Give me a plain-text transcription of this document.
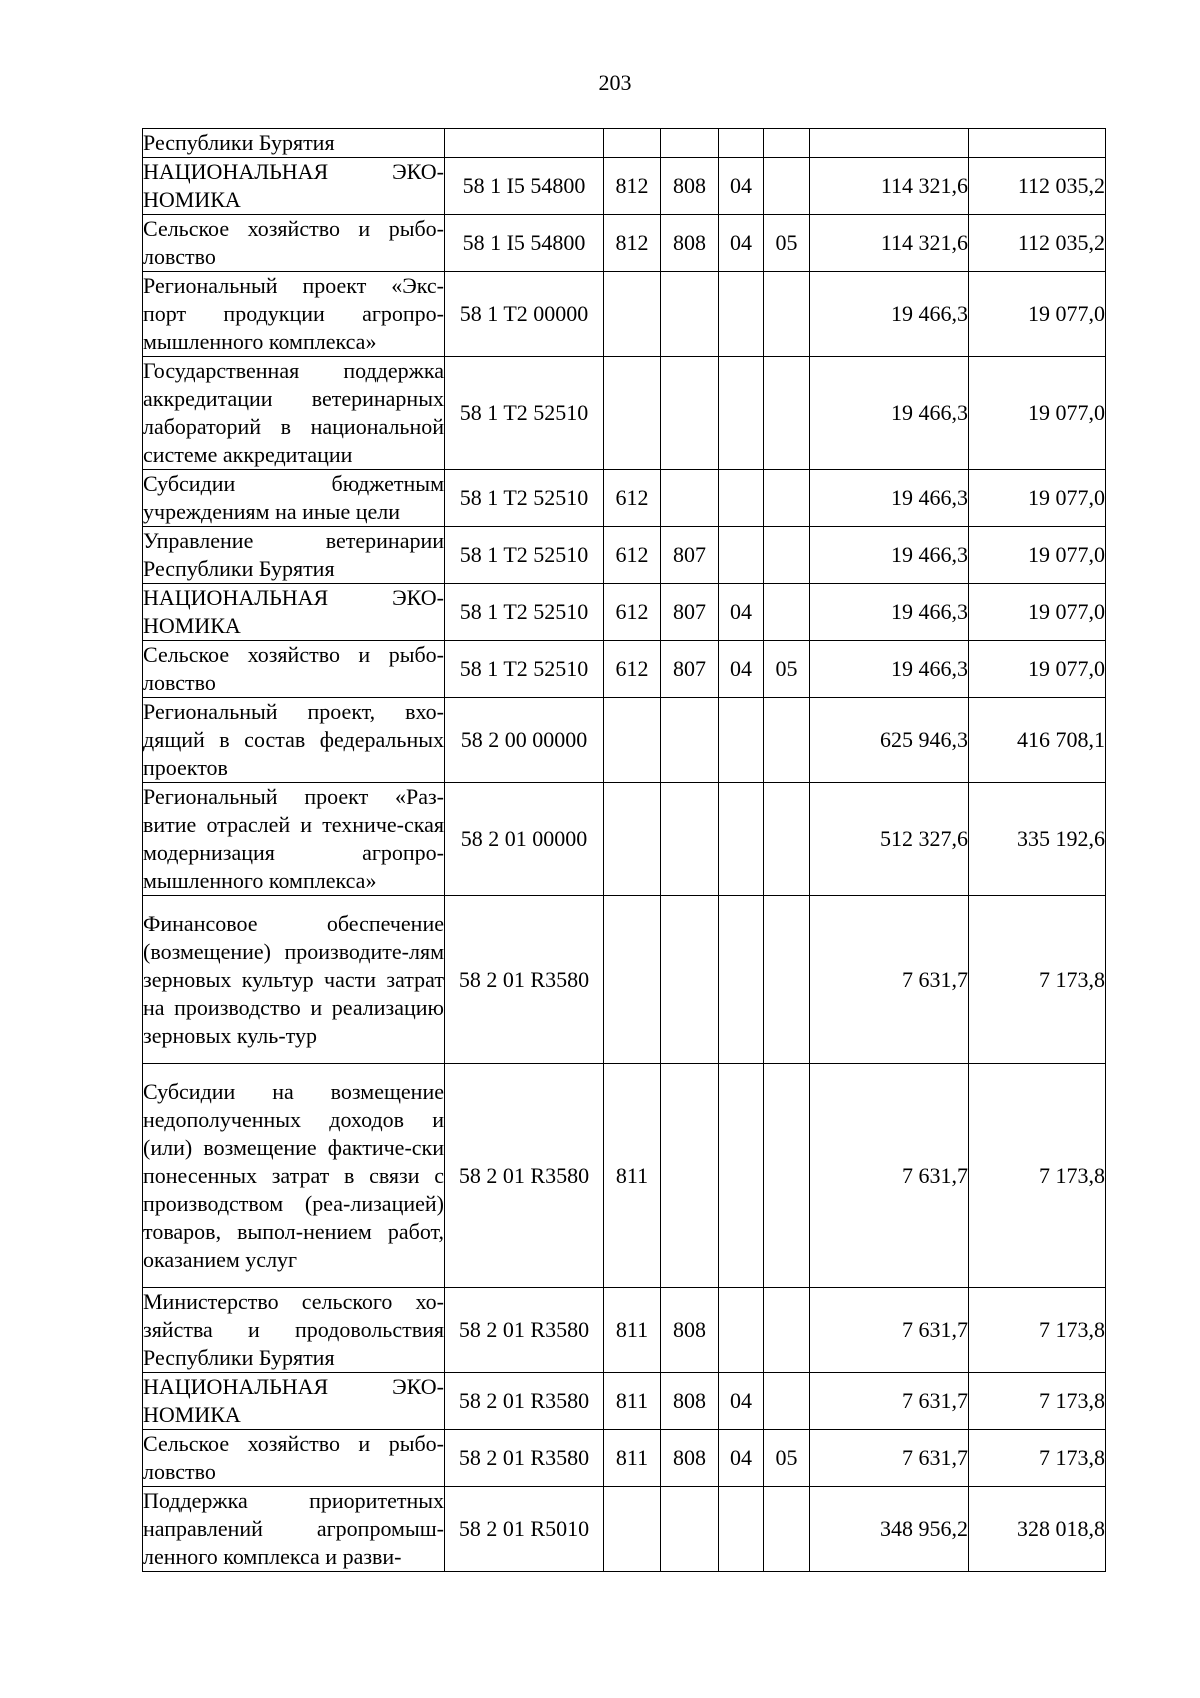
203
Республики Бурятия							
НАЦИОНАЛЬНАЯ ЭКО-НОМИКА	58 1 I5 54800	812	808	04		114 321,6	112 035,2
Сельское хозяйство и рыбо-ловство	58 1 I5 54800	812	808	04	05	114 321,6	112 035,2
Региональный проект «Экс-порт продукции агропро-мышленного комплекса»	58 1 T2 00000					19 466,3	19 077,0
Государственная поддержка аккредитации ветеринарных лабораторий в национальной системе аккредитации	58 1 T2 52510					19 466,3	19 077,0
Субсидии бюджетным учреждениям на иные цели	58 1 T2 52510	612				19 466,3	19 077,0
Управление ветеринарии Республики Бурятия	58 1 T2 52510	612	807			19 466,3	19 077,0
НАЦИОНАЛЬНАЯ ЭКО-НОМИКА	58 1 T2 52510	612	807	04		19 466,3	19 077,0
Сельское хозяйство и рыбо-ловство	58 1 T2 52510	612	807	04	05	19 466,3	19 077,0
Региональный проект, вхо-дящий в состав федеральных проектов	58 2 00 00000					625 946,3	416 708,1
Региональный проект «Раз-витие отраслей и техниче-ская модернизация агропро-мышленного комплекса»	58 2 01 00000					512 327,6	335 192,6
Финансовое обеспечение (возмещение) производите-лям зерновых культур части затрат на производство и реализацию зерновых куль-тур	58 2 01 R3580					7 631,7	7 173,8
Субсидии на возмещение недополученных доходов и (или) возмещение фактиче-ски понесенных затрат в связи с производством (реа-лизацией) товаров, выпол-нением работ, оказанием услуг	58 2 01 R3580	811				7 631,7	7 173,8
Министерство сельского хо-зяйства и продовольствия Республики Бурятия	58 2 01 R3580	811	808			7 631,7	7 173,8
НАЦИОНАЛЬНАЯ ЭКО-НОМИКА	58 2 01 R3580	811	808	04		7 631,7	7 173,8
Сельское хозяйство и рыбо-ловство	58 2 01 R3580	811	808	04	05	7 631,7	7 173,8
Поддержка приоритетных направлений агропромыш-ленного комплекса и разви-	58 2 01 R5010					348 956,2	328 018,8
